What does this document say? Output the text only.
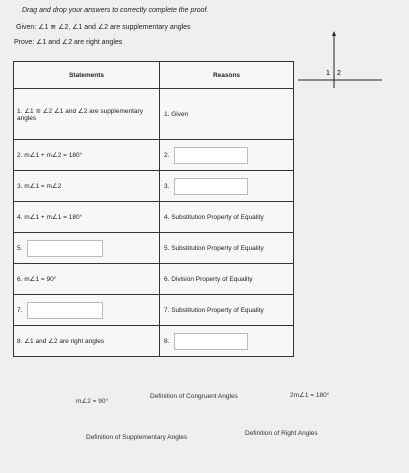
Drag and drop your answers to correctly complete the proof.
Given: ∠1 ≅ ∠2, ∠1 and ∠2 are supplementary angles
Prove: ∠1 and ∠2 are right angles
Statements	Reasons
1. ∠1 ≅ ∠2 ∠1 and ∠2 are supplementary angles	1. Given
2. m∠1 + m∠2 = 180°	2.
3. m∠1 = m∠2	3.
4. m∠1 + m∠1 = 180°	4. Substitution Property of Equality
5.	5. Substitution Property of Equality
6. m∠1 = 90°	6. Division Property of Equality
7.	7. Substitution Property of Equality
8. ∠1 and ∠2 are right angles	8.
1 2
m∠2 = 90°
Definition of Congruent Angles	2m∠1 = 180°
Definition of Supplementary Angles
Definition of Right Angles
